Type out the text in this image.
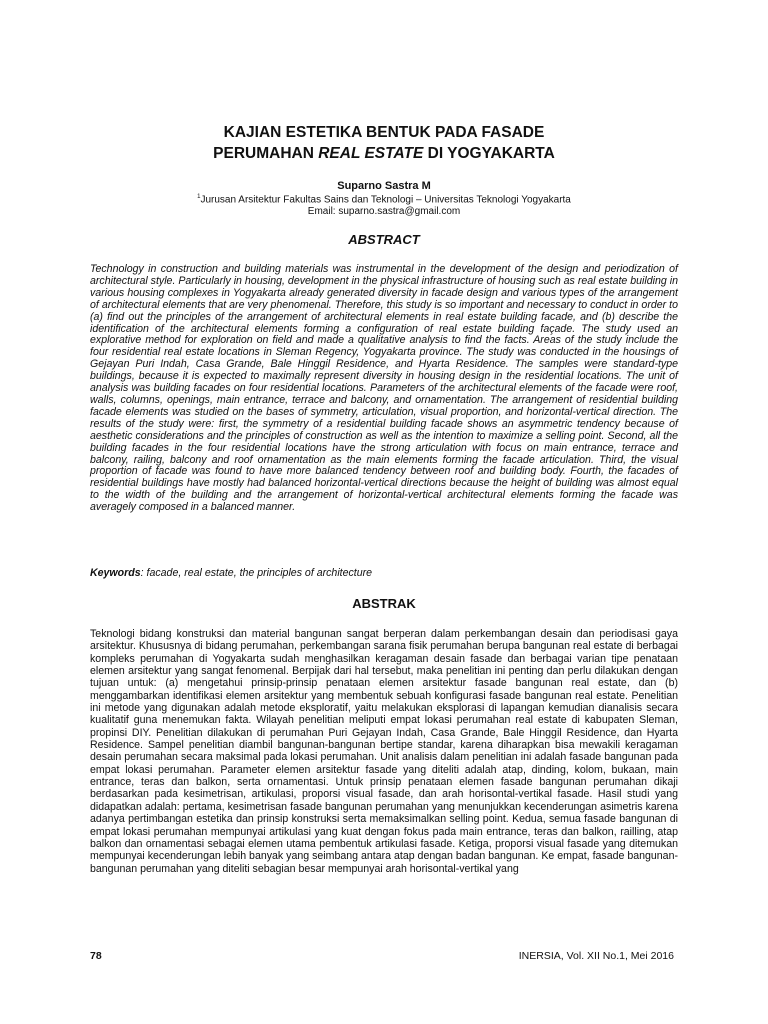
KAJIAN ESTETIKA BENTUK PADA FASADE
PERUMAHAN REAL ESTATE DI YOGYAKARTA
Suparno Sastra M
$^1$Jurusan Arsitektur Fakultas Sains dan Teknologi – Universitas Teknologi Yogyakarta
Email: suparno.sastra@gmail.com
ABSTRACT

Technology in construction and building materials was instrumental in the development of the design and periodization of architectural style. Particularly in housing, development in the physical infrastructure of housing such as real estate building in various housing complexes in Yogyakarta already generated diversity in facade design and various types of the arrangement of architectural elements that are very phenomenal. Therefore, this study is so important and necessary to conduct in order to (a) find out the principles of the arrangement of architectural elements in real estate building facade, and (b) describe the identification of the architectural elements forming a configuration of real estate building façade. The study used an explorative method for exploration on field and made a qualitative analysis to find the facts. Areas of the study include the four residential real estate locations in Sleman Regency, Yogyakarta province. The study was conducted in the housings of Gejayan Puri Indah, Casa Grande, Bale Hinggil Residence, and Hyarta Residence. The samples were standard-type buildings, because it is expected to maximally represent diversity in housing design in the residential locations. The unit of analysis was building facades on four residential locations. Parameters of the architectural elements of the facade were roof, walls, columns, openings, main entrance, terrace and balcony, and ornamentation. The arrangement of residential building facade elements was studied on the bases of symmetry, articulation, visual proportion, and horizontal-vertical direction. The results of the study were: first, the symmetry of a residential building facade shows an asymmetric tendency because of aesthetic considerations and the principles of construction as well as the intention to maximize a selling point. Second, all the building facades in the four residential locations have the strong articulation with focus on main entrance, terrace and balcony, railing, balcony and roof ornamentation as the main elements forming the facade articulation. Third, the visual proportion of facade was found to have more balanced tendency between roof and building body. Fourth, the facades of residential buildings have mostly had balanced horizontal-vertical directions because the height of building was almost equal to the width of the building and the arrangement of horizontal-vertical architectural elements forming the facade was averagely composed in a balanced manner.

Keywords: facade, real estate, the principles of architecture

ABSTRAK

Teknologi bidang konstruksi dan material bangunan sangat berperan dalam perkembangan desain dan periodisasi gaya arsitektur. Khususnya di bidang perumahan, perkembangan sarana fisik perumahan berupa bangunan real estate di berbagai kompleks perumahan di Yogyakarta sudah menghasilkan keragaman desain fasade dan berbagai varian tipe penataan elemen arsitektur yang sangat fenomenal. Berpijak dari hal tersebut, maka penelitian ini penting dan perlu dilakukan dengan tujuan untuk: (a) mengetahui prinsip-prinsip penataan elemen arsitektur fasade bangunan real estate, dan (b) menggambarkan identifikasi elemen arsitektur yang membentuk sebuah konfigurasi fasade bangunan real estate. Penelitian ini metode yang digunakan adalah metode eksploratif, yaitu melakukan eksplorasi di lapangan kemudian dianalisis secara kualitatif guna menemukan fakta. Wilayah penelitian meliputi empat lokasi perumahan real estate di kabupaten Sleman, propinsi DIY. Penelitian dilakukan di perumahan Puri Gejayan Indah, Casa Grande, Bale Hinggil Residence, dan Hyarta Residence. Sampel penelitian diambil bangunan-bangunan bertipe standar, karena diharapkan bisa mewakili keragaman desain perumahan secara maksimal pada lokasi perumahan. Unit analisis dalam penelitian ini adalah fasade bangunan pada empat lokasi perumahan. Parameter elemen arsitektur fasade yang diteliti adalah atap, dinding, kolom, bukaan, main entrance, teras dan balkon, serta ornamentasi. Untuk prinsip penataan elemen fasade bangunan perumahan dikaji berdasarkan pada kesimetrisan, artikulasi, proporsi visual fasade, dan arah horisontal-vertikal fasade. Hasil studi yang didapatkan adalah: pertama, kesimetrisan fasade bangunan perumahan yang menunjukkan kecenderungan asimetris karena adanya pertimbangan estetika dan prinsip konstruksi serta memaksimalkan selling point. Kedua, semua fasade bangunan di empat lokasi perumahan mempunyai artikulasi yang kuat dengan fokus pada main entrance, teras dan balkon, railling, atap balkon dan ornamentasi sebagai elemen utama pembentuk artikulasi fasade. Ketiga, proporsi visual fasade yang ditemukan mempunyai kecenderungan lebih banyak yang seimbang antara atap dengan badan bangunan. Ke empat, fasade bangunan-bangunan perumahan yang diteliti sebagian besar mempunyai arah horisontal-vertikal yang

78	INERSIA, Vol. XII No.1, Mei 2016
